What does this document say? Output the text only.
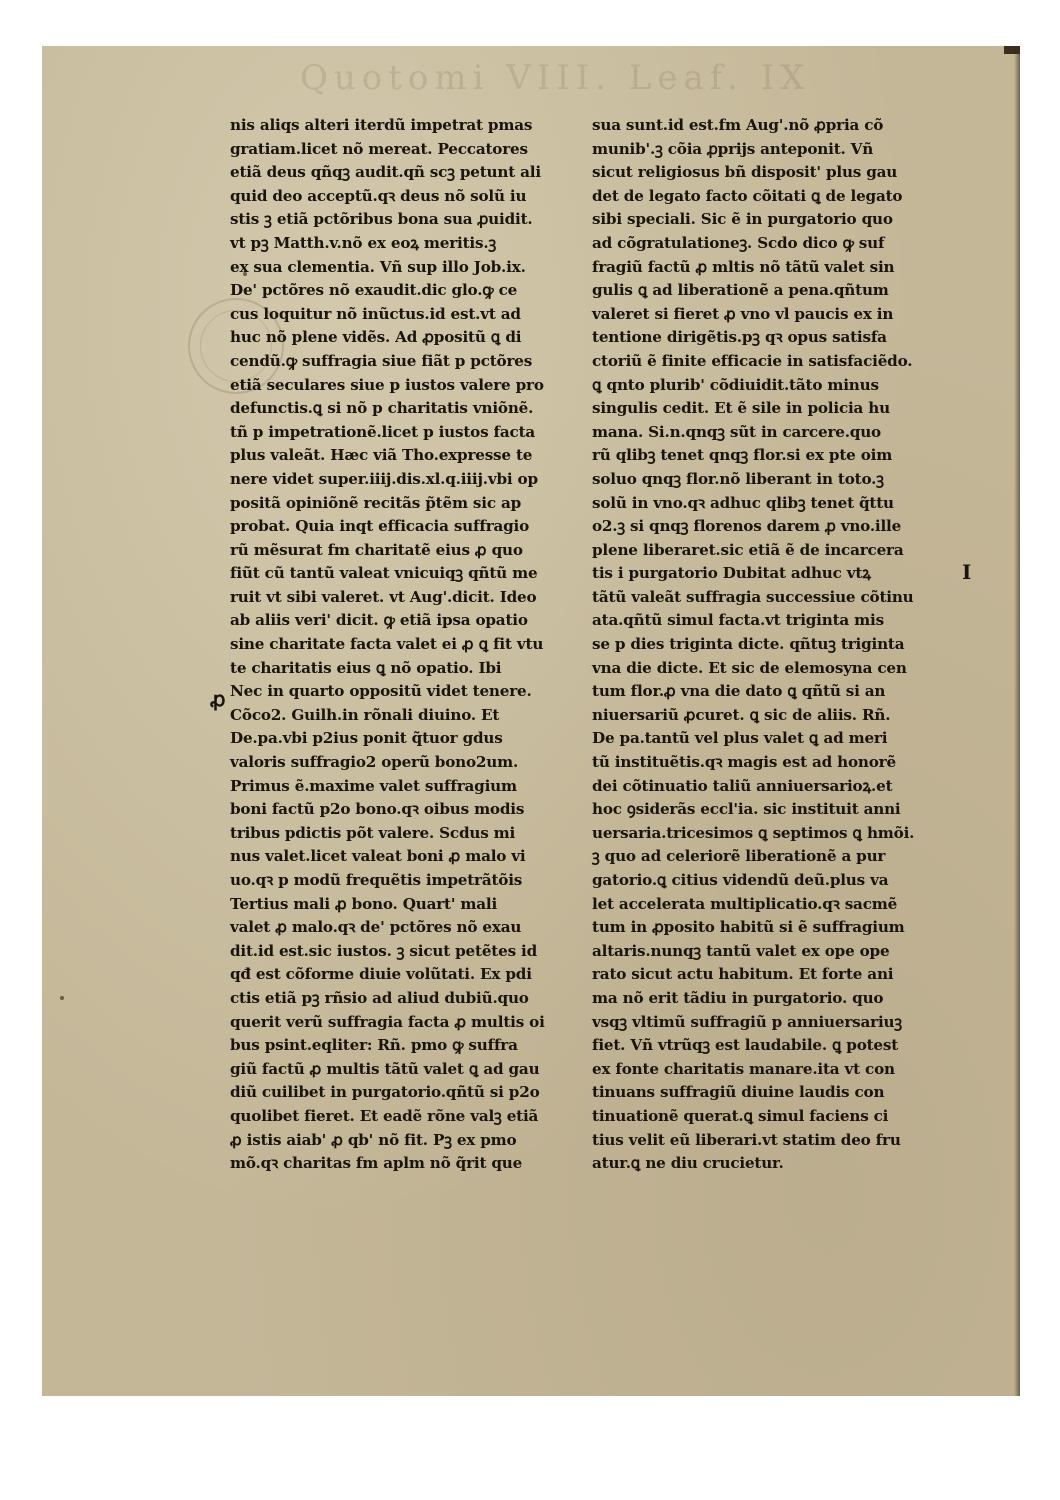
Quotomi VIII. Leaf. IX
nis aliqs alteri iterdũ impetrat pmas
gratiam.licet nõ mereat. Peccatores
etiã deus qñqꝫ audit.qñ scꝫ petunt ali
quid deo acceptũ.qꝛ deus nõ solũ iu
stis ꝫ etiã pctõribus bona sua ꝓuidit.
vt pꝫ Matth.v.nõ ex eoꝝ meritis.ꝫ
ex sua clementia. Vñ sup illo Job.ix.
De' pctõres nõ exaudit.dic glo.ꝙ ce
cus loquitur nõ inũctus.id est.vt ad
huc nõ plene vidẽs. Ad ꝓpositũ ꝗ di
cendũ.ꝙ suffragia siue fiãt p pctõres
etiã seculares siue p iustos valere pro
defunctis.ꝗ si nõ p charitatis vniõnẽ.
tñ p impetrationẽ.licet p iustos facta
plus valeãt. Hæc viã Tho.expresse te
nere videt super.iiij.dis.xl.q.iiij.vbi op
positã opiniõnẽ recitãs p̃tẽm sic ap
probat. Quia inqt efficacia suffragio
rũ mẽsurat fm charitatẽ eius ꝓ quo
fiũt cũ tantũ valeat vnicuiqꝫ qñtũ me
ruit vt sibi valeret. vt Aug'.dicit. Ideo
ab aliis veri' dicit. ꝙ etiã ipsa opatio
sine charitate facta valet ei ꝓ ꝗ fit vtu
te charitatis eius ꝗ nõ opatio. Ibi
Nec in quarto oppositũ videt tenere.
Cõco2. Guilh.in rõnali diuino. Et
De.pa.vbi p2ius ponit q̃tuor gdus
valoris suffragio2 operũ bono2um.
Primus ẽ.maxime valet suffragium
boni factũ p2o bono.qꝛ oibus modis
tribus pdictis põt valere. Scdus mi
nus valet.licet valeat boni ꝓ malo vi
uo.qꝛ p modũ frequẽtis impetrãtõis
Tertius mali ꝓ bono. Quart' mali
valet ꝓ malo.qꝛ de' pctõres nõ exau
dit.id est.sic iustos. ꝫ sicut petẽtes id
qđ est cõforme diuie volũtati. Ex pdi
ctis etiã pꝫ rñsio ad aliud dubiũ.quo
querit verũ suffragia facta ꝓ multis oi
bus psint.eqliter: Rñ. pmo ꝙ suffra
giũ factũ ꝓ multis tãtũ valet ꝗ ad gau
diũ cuilibet in purgatorio.qñtũ si p2o
quolibet fieret. Et eadẽ rõne valꝫ etiã
ꝓ istis aiab' ꝓ qb' nõ fit. Pꝫ ex pmo
mõ.qꝛ charitas fm aplm nõ q̃rit que
sua sunt.id est.fm Aug'.nõ ꝓpria cõ
munib'.ꝫ cõia ꝓprijs anteponit. Vñ
sicut religiosus bñ disposit' plus gau
det de legato facto cõitati ꝗ de legato
sibi speciali. Sic ẽ in purgatorio quo
ad cõgratulationeꝫ. Scdo dico ꝙ suf
fragiũ factũ ꝓ mltis nõ tãtũ valet sin
gulis ꝗ ad liberationẽ a pena.qñtum
valeret si fieret ꝓ vno vl paucis ex in
tentione dirigẽtis.pꝫ qꝛ opus satisfa
ctoriũ ẽ finite efficacie in satisfaciẽdo.
ꝗ qnto plurib' cõdiuidit.tãto minus
singulis cedit. Et ẽ sile in policia hu
mana. Si.n.qnqꝫ sũt in carcere.quo
rũ qlibꝫ tenet qnqꝫ flor.si ex pte oim
soluo qnqꝫ flor.nõ liberant in toto.ꝫ
solũ in vno.qꝛ adhuc qlibꝫ tenet q̃ttu
o2.ꝫ si qnqꝫ florenos darem ꝓ vno.ille
plene liberaret.sic etiã ẽ de incarcera
tis i purgatorio Dubitat adhuc vtꝝ
tãtũ valeãt suffragia successiue cõtinu
ata.qñtũ simul facta.vt triginta mis
se p dies triginta dicte. qñtuꝫ triginta
vna die dicte. Et sic de elemosyna cen
tum flor.ꝓ vna die dato ꝗ qñtũ si an
niuersariũ ꝓcuret. ꝗ sic de aliis. Rñ.
De pa.tantũ vel plus valet ꝗ ad meri
tũ instituẽtis.qꝛ magis est ad honorẽ
dei cõtinuatio taliũ anniuersarioꝝ.et
hoc ꝯsiderãs eccl'ia. sic instituit anni
uersaria.tricesimos ꝗ septimos ꝗ hmõi.
ꝫ quo ad celeriorẽ liberationẽ a pur
gatorio.ꝗ citius videndũ deũ.plus va
let accelerata multiplicatio.qꝛ sacmẽ
tum in ꝓposito habitũ si ẽ suffragium
altaris.nunqꝫ tantũ valet ex ope ope
rato sicut actu habitum. Et forte ani
ma nõ erit tãdiu in purgatorio. quo
vsqꝫ vltimũ suffragiũ p anniuersariuꝫ
fiet. Vñ vtrũqꝫ est laudabile. ꝗ potest
ex fonte charitatis manare.ita vt con
tinuans suffragiũ diuine laudis con
tinuationẽ querat.ꝗ simul faciens ci
tius velit eũ liberari.vt statim deo fru
atur.ꝗ ne diu crucietur.
ꝓ
I
